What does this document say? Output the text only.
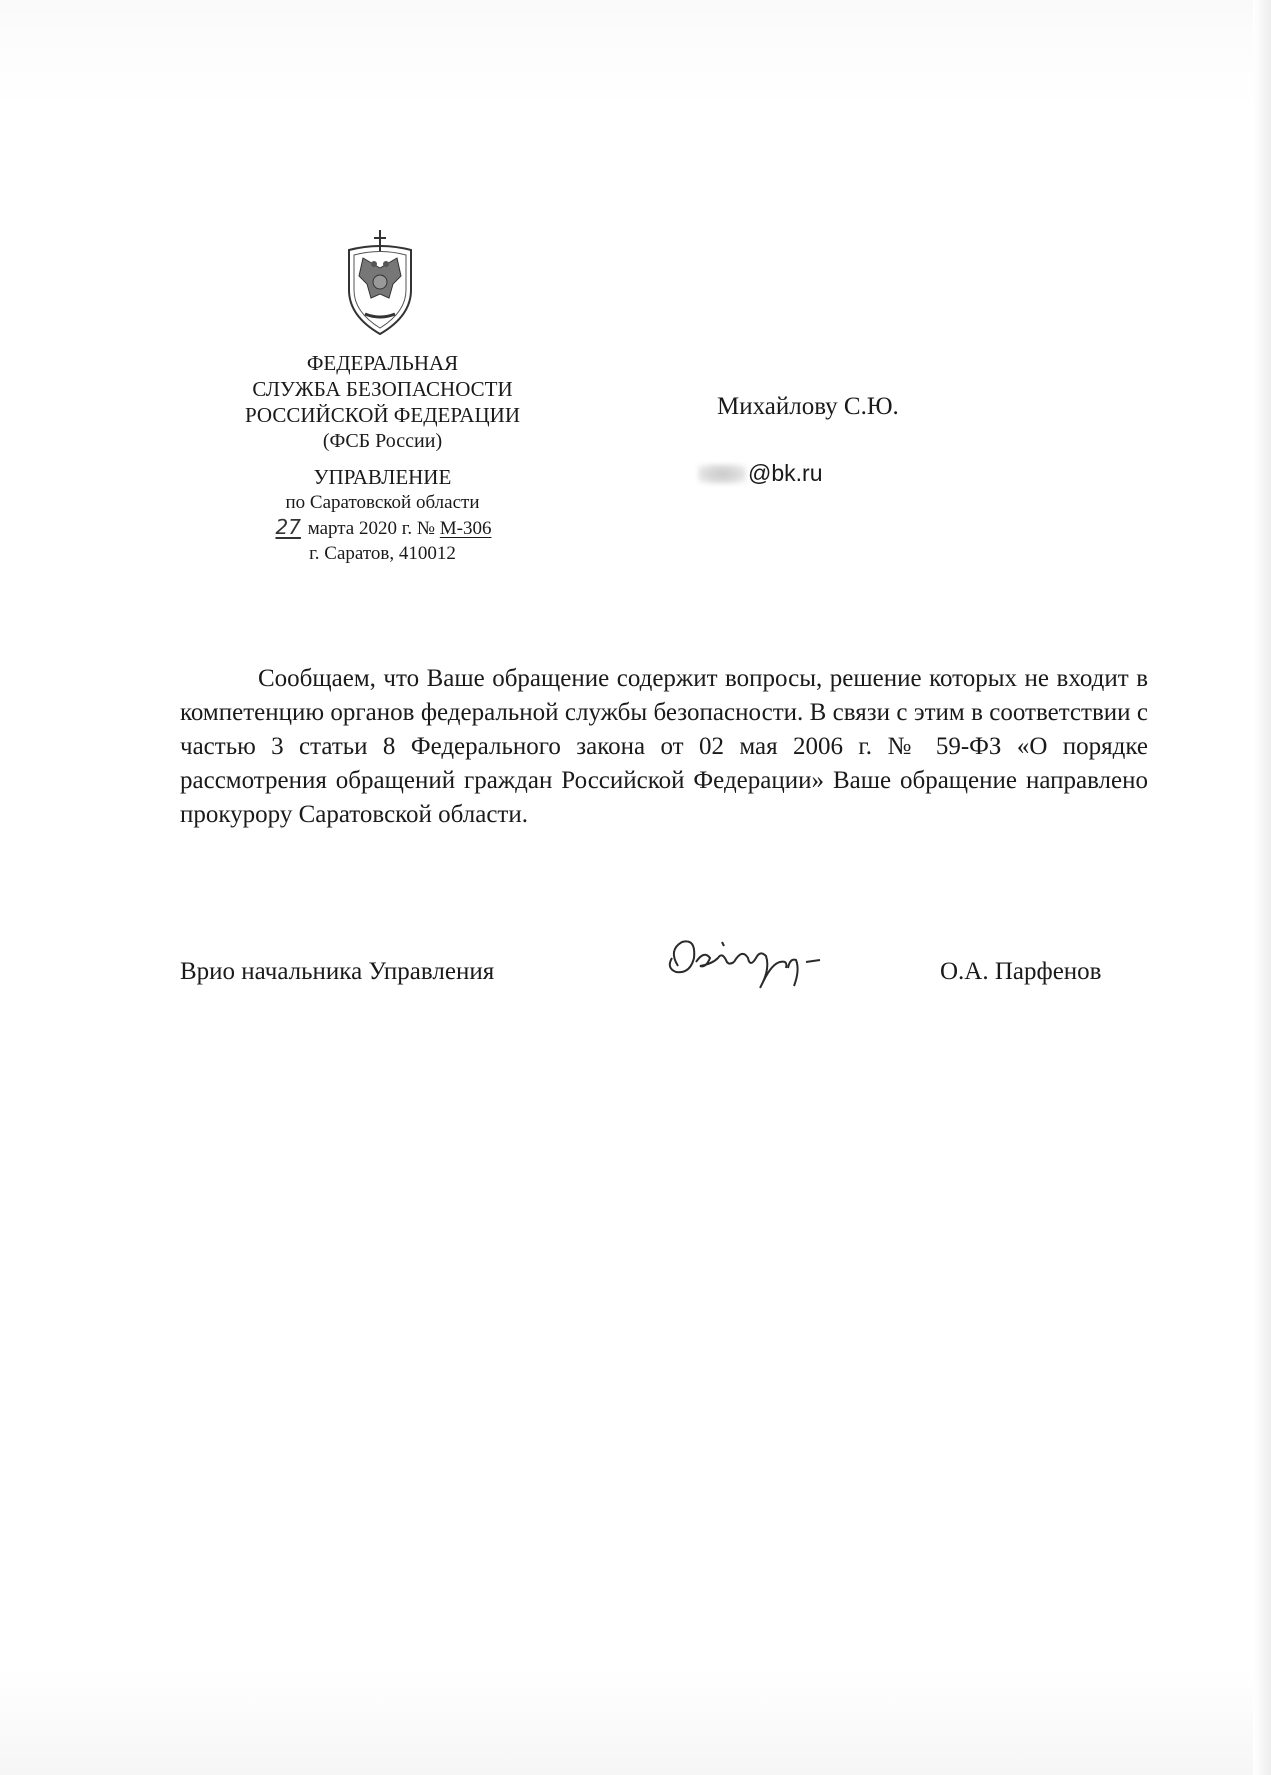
ФЕДЕРАЛЬНАЯ
СЛУЖБА БЕЗОПАСНОСТИ
РОССИЙСКОЙ ФЕДЕРАЦИИ
(ФСБ России)
УПРАВЛЕНИЕ
по Саратовской области
27 марта 2020 г. № М-306
г. Саратов, 410012
Михайлову С.Ю.
@bk.ru

Сообщаем, что Ваше обращение содержит вопросы, решение которых не входит в компетенцию органов федеральной службы безопасности. В связи с этим в соответствии с частью 3 статьи 8 Федерального закона от 02 мая 2006 г. № 59-ФЗ «О порядке рассмотрения обращений граждан Российской Федерации» Ваше обращение направлено прокурору Саратовской области.

Врио начальника Управления	О.А. Парфенов
